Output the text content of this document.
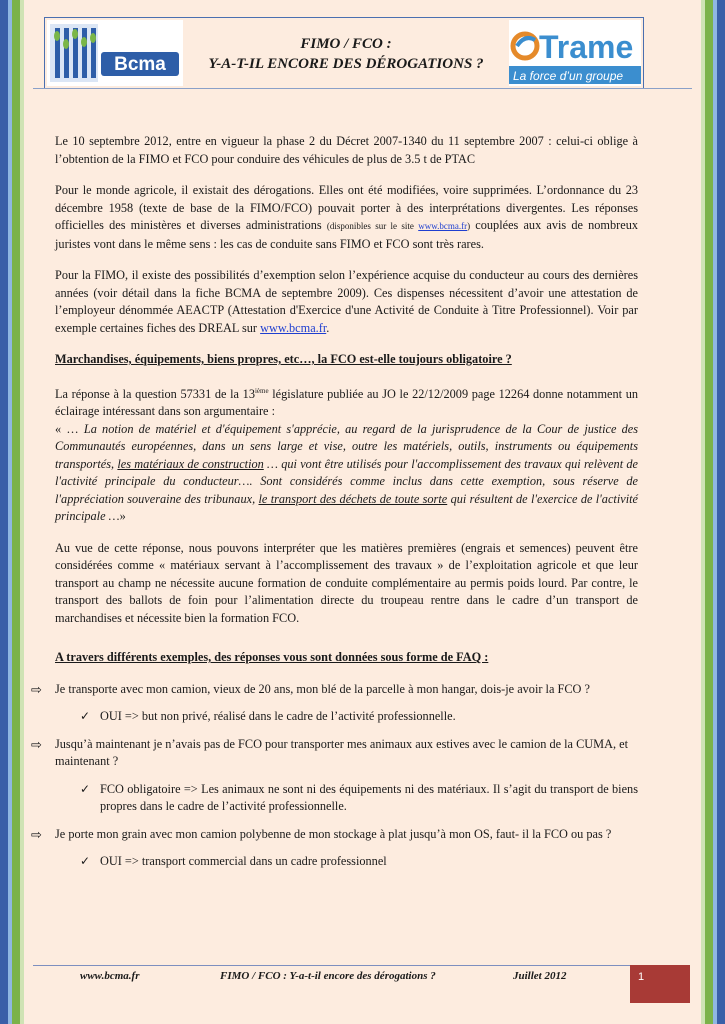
Bcma
FIMO / FCO :
Y-A-T-IL ENCORE DES DÉROGATIONS ?	Trame
La force d’un groupe

Le 10 septembre 2012, entre en vigueur la phase 2 du Décret 2007-1340 du 11 septembre 2007 : celui-ci oblige à l’obtention de la FIMO et FCO pour conduire des véhicules de plus de 3.5 t de PTAC

Pour le monde agricole, il existait des dérogations. Elles ont été modifiées, voire supprimées. L’ordonnance du 23 décembre 1958 (texte de base de la FIMO/FCO) pouvait porter à des interprétations divergentes. Les réponses officielles des ministères et diverses administrations (disponibles sur le site www.bcma.fr) couplées aux avis de nombreux juristes vont dans le même sens : les cas de conduite sans FIMO et FCO sont très rares.

Pour la FIMO, il existe des possibilités d’exemption selon l’expérience acquise du conducteur au cours des dernières années (voir détail dans la fiche BCMA de septembre 2009). Ces dispenses nécessitent d’avoir une attestation de l’employeur dénommée AEACTP (Attestation d'Exercice d'une Activité de Conduite à Titre Professionnel). Voir par exemple certaines fiches des DREAL sur www.bcma.fr.

Marchandises, équipements, biens propres, etc…, la FCO est-elle toujours obligatoire ?

La réponse à la question 57331 de la 13ième législature publiée au JO le 22/12/2009 page 12264 donne notamment un éclairage intéressant dans son argumentaire :

« … La notion de matériel et d'équipement s'apprécie, au regard de la jurisprudence de la Cour de justice des Communautés européennes, dans un sens large et vise, outre les matériels, outils, instruments ou équipements transportés, les matériaux de construction … qui vont être utilisés pour l'accomplissement des travaux qui relèvent de l'activité principale du conducteur…. Sont considérés comme inclus dans cette exemption, sous réserve de l'appréciation souveraine des tribunaux, le transport des déchets de toute sorte qui résultent de l'exercice de l'activité principale …»

Au vue de cette réponse, nous pouvons interpréter que les matières premières (engrais et semences) peuvent être considérées comme « matériaux servant à l’accomplissement des travaux » de l’exploitation agricole et que leur transport au champ ne nécessite aucune formation de conduite complémentaire au permis poids lourd. Par contre, le transport des ballots de foin pour l’alimentation directe du troupeau rentre dans le cadre d’un transport de marchandises et nécessite bien la formation FCO.

A travers différents exemples, des réponses vous sont données sous forme de FAQ :
⇨ Je transporte avec mon camion, vieux de 20 ans, mon blé de la parcelle à mon hangar, dois-je avoir la FCO ?
✓ OUI => but non privé, réalisé dans le cadre de l’activité professionnelle.
⇨ Jusqu’à maintenant je n’avais pas de FCO pour transporter mes animaux aux estives avec le camion de la CUMA, et maintenant ?
✓ FCO obligatoire => Les animaux ne sont ni des équipements ni des matériaux. Il s’agit du transport de biens propres dans le cadre de l’activité professionnelle.
⇨ Je porte mon grain avec mon camion polybenne de mon stockage à plat jusqu’à mon OS, faut- il la FCO ou pas ?
✓ OUI => transport commercial dans un cadre professionnel
www.bcma.fr	FIMO / FCO : Y-a-t-il encore des dérogations ?	Juillet 2012	1
